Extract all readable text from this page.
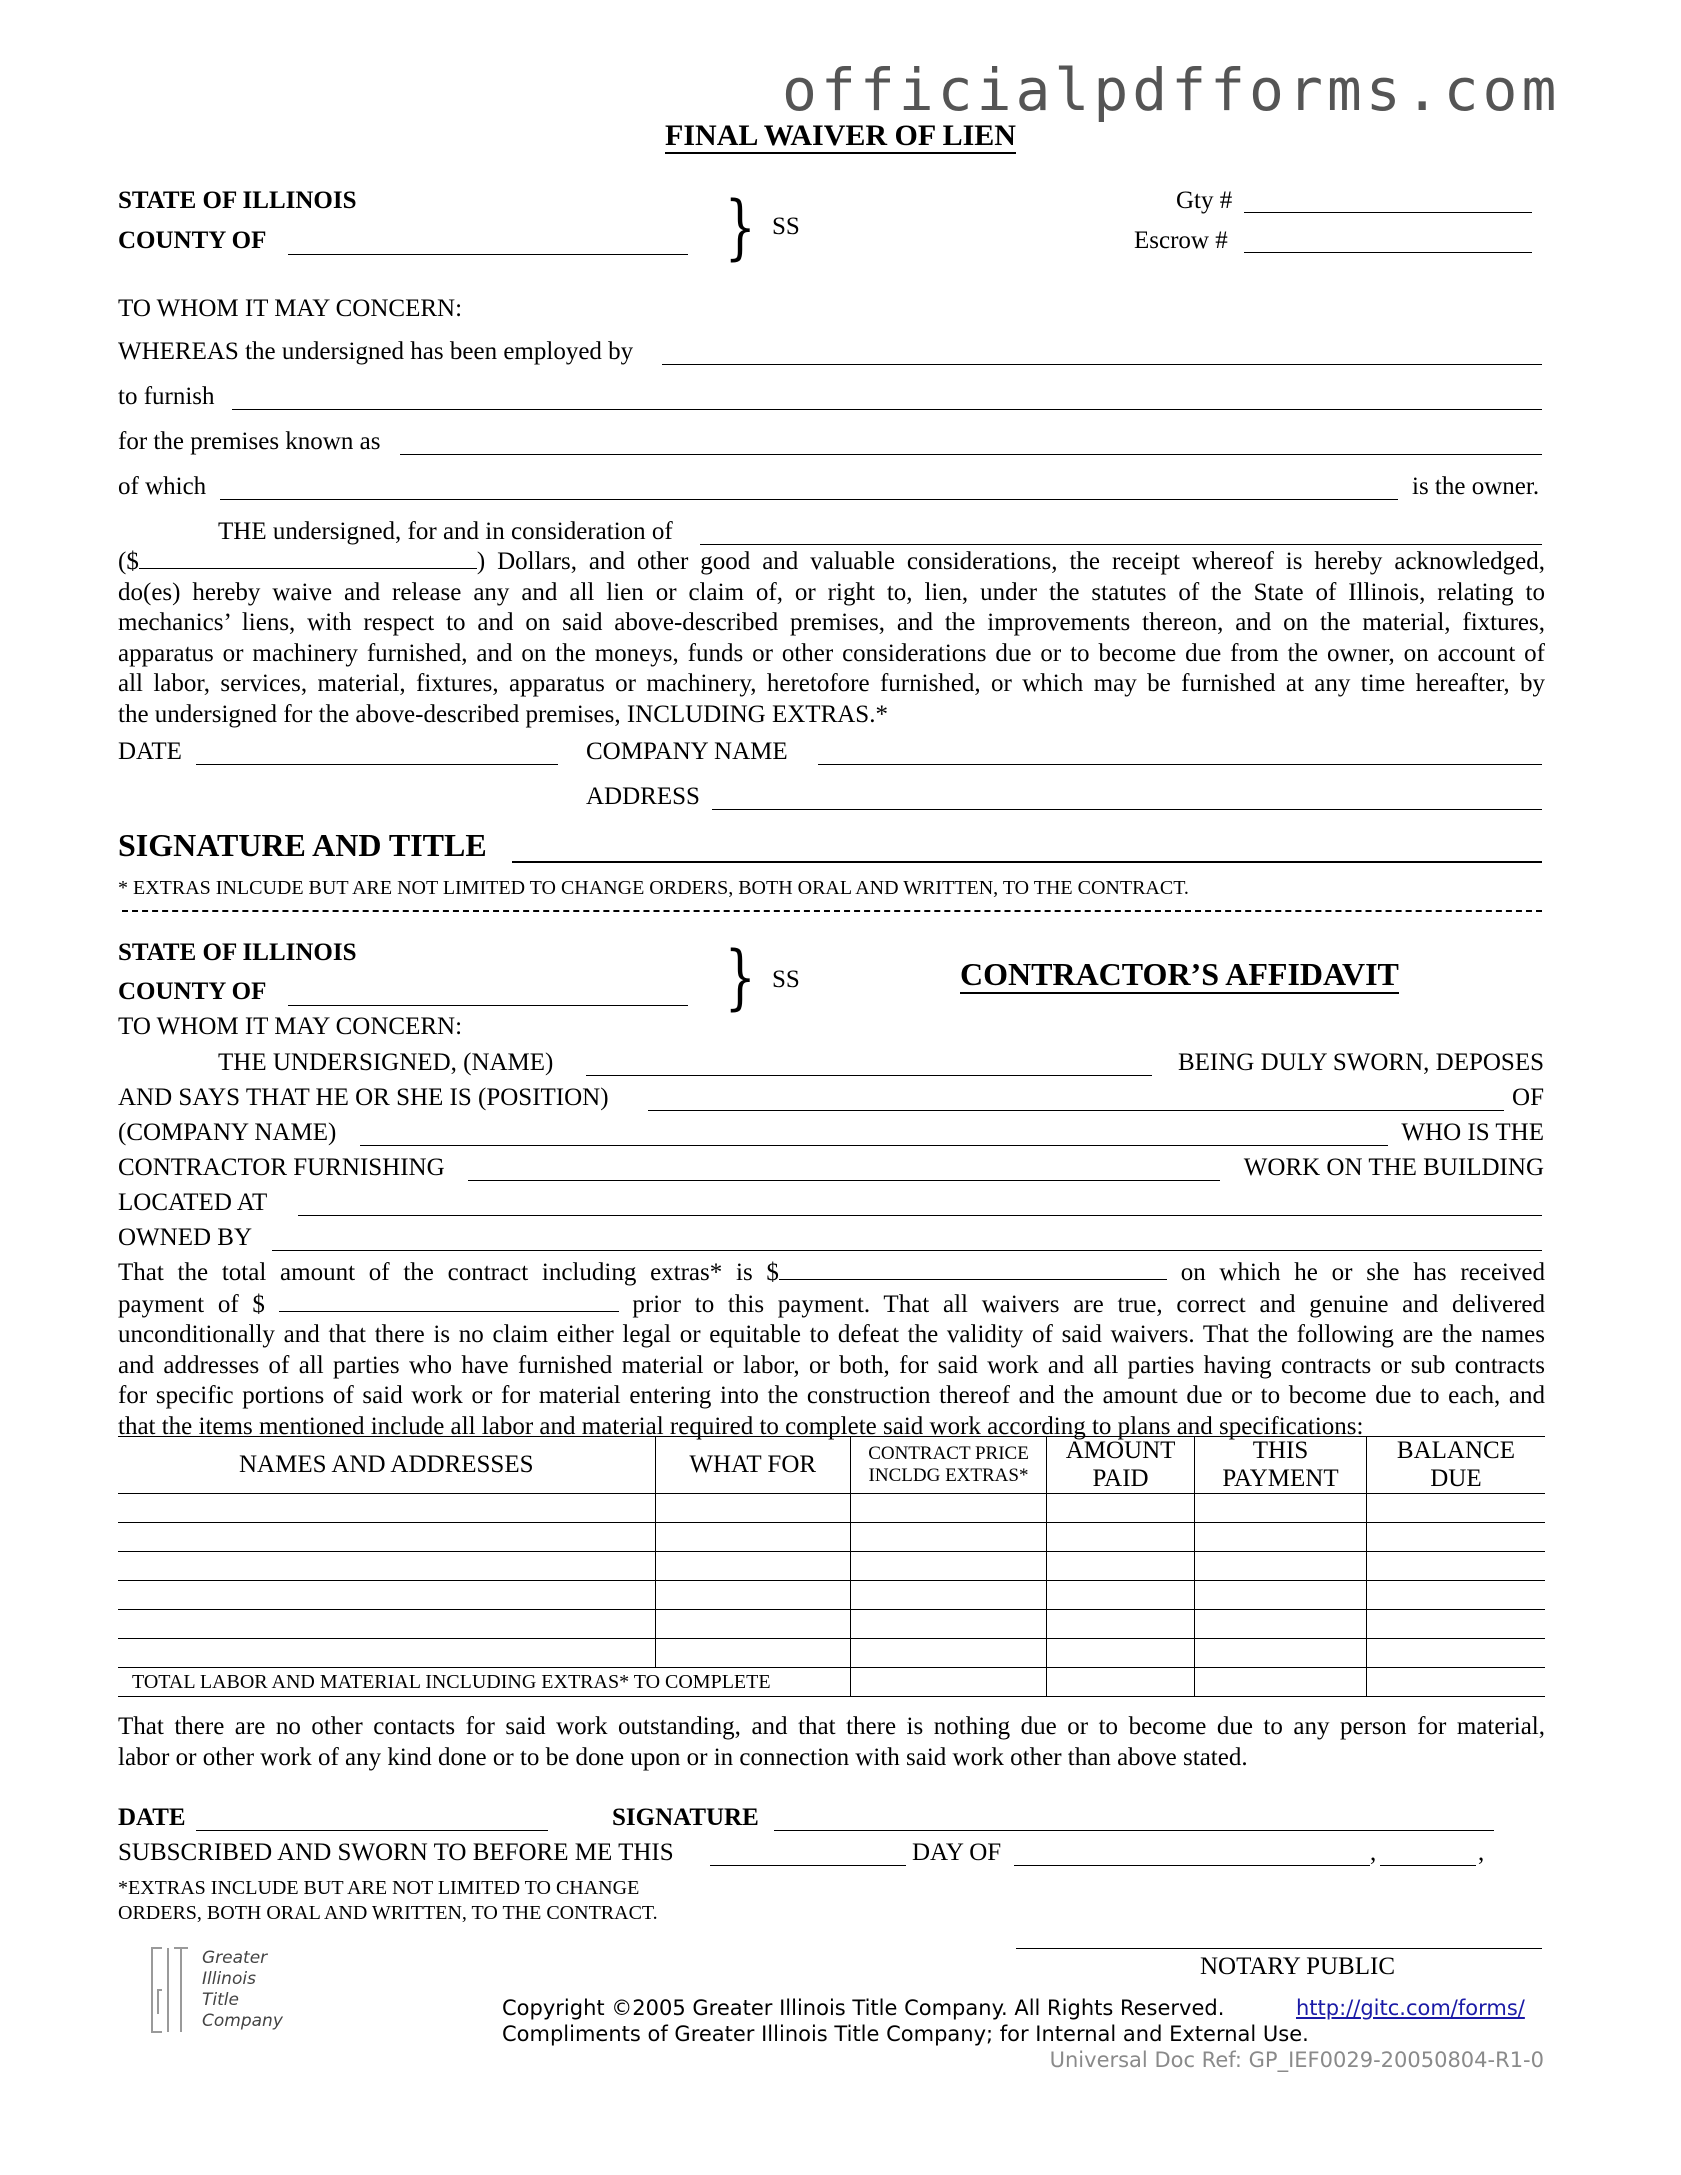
officialpdfforms.com
FINAL WAIVER OF LIEN
STATE OF ILLINOIS
COUNTY OF	} SS
Gty #
Escrow #
TO WHOM IT MAY CONCERN:
WHEREAS the undersigned has been employed by
to furnish
for the premises known as
of which	is the owner.
THE undersigned, for and in consideration of
($	) Dollars, and other good and valuable considerations, the receipt whereof is hereby acknowledged,
do(es) hereby waive and release any and all lien or claim of, or right to, lien, under the statutes of the State of Illinois, relating to
mechanics’ liens, with respect to and on said above-described premises, and the improvements thereon, and on the material, fixtures,
apparatus or machinery furnished, and on the moneys, funds or other considerations due or to become due from the owner, on account of
all labor, services, material, fixtures, apparatus or machinery, heretofore furnished, or which may be furnished at any time hereafter, by
the undersigned for the above-described premises, INCLUDING EXTRAS.*
DATE	COMPANY NAME
ADDRESS
SIGNATURE AND TITLE
* EXTRAS INLCUDE BUT ARE NOT LIMITED TO CHANGE ORDERS, BOTH ORAL AND WRITTEN, TO THE CONTRACT.
STATE OF ILLINOIS
COUNTY OF	} SS	CONTRACTOR’S AFFIDAVIT
TO WHOM IT MAY CONCERN:
THE UNDERSIGNED, (NAME)	BEING DULY SWORN, DEPOSES
AND SAYS THAT HE OR SHE IS (POSITION)	OF
(COMPANY NAME)	WHO IS THE
CONTRACTOR FURNISHING	WORK ON THE BUILDING
LOCATED AT
OWNED BY
That the total amount of the contract including extras* is $	on which he or she has received
payment of $	prior to this payment. That all waivers are true, correct and genuine and delivered
unconditionally and that there is no claim either legal or equitable to defeat the validity of said waivers. That the following are the names
and addresses of all parties who have furnished material or labor, or both, for said work and all parties having contracts or sub contracts
for specific portions of said work or for material entering into the construction thereof and the amount due or to become due to each, and
that the items mentioned include all labor and material required to complete said work according to plans and specifications:
NAMES AND ADDRESSES	WHAT FOR	CONTRACT PRICE INCLDG EXTRAS*	AMOUNT PAID	THIS PAYMENT	BALANCE DUE

TOTAL LABOR AND MATERIAL INCLUDING EXTRAS* TO COMPLETE					
That there are no other contacts for said work outstanding, and that there is nothing due or to become due to any person for material,
labor or other work of any kind done or to be done upon or in connection with said work other than above stated.
DATE	SIGNATURE
SUBSCRIBED AND SWORN TO BEFORE ME THIS	DAY OF	,	,
*EXTRAS INCLUDE BUT ARE NOT LIMITED TO CHANGE
ORDERS, BOTH ORAL AND WRITTEN, TO THE CONTRACT.
NOTARY PUBLIC
Greater
Illinois
Title
Company
Copyright ©2005 Greater Illinois Title Company. All Rights Reserved.	http://gitc.com/forms/
Compliments of Greater Illinois Title Company; for Internal and External Use.
Universal Doc Ref: GP_IEF0029-20050804-R1-0
